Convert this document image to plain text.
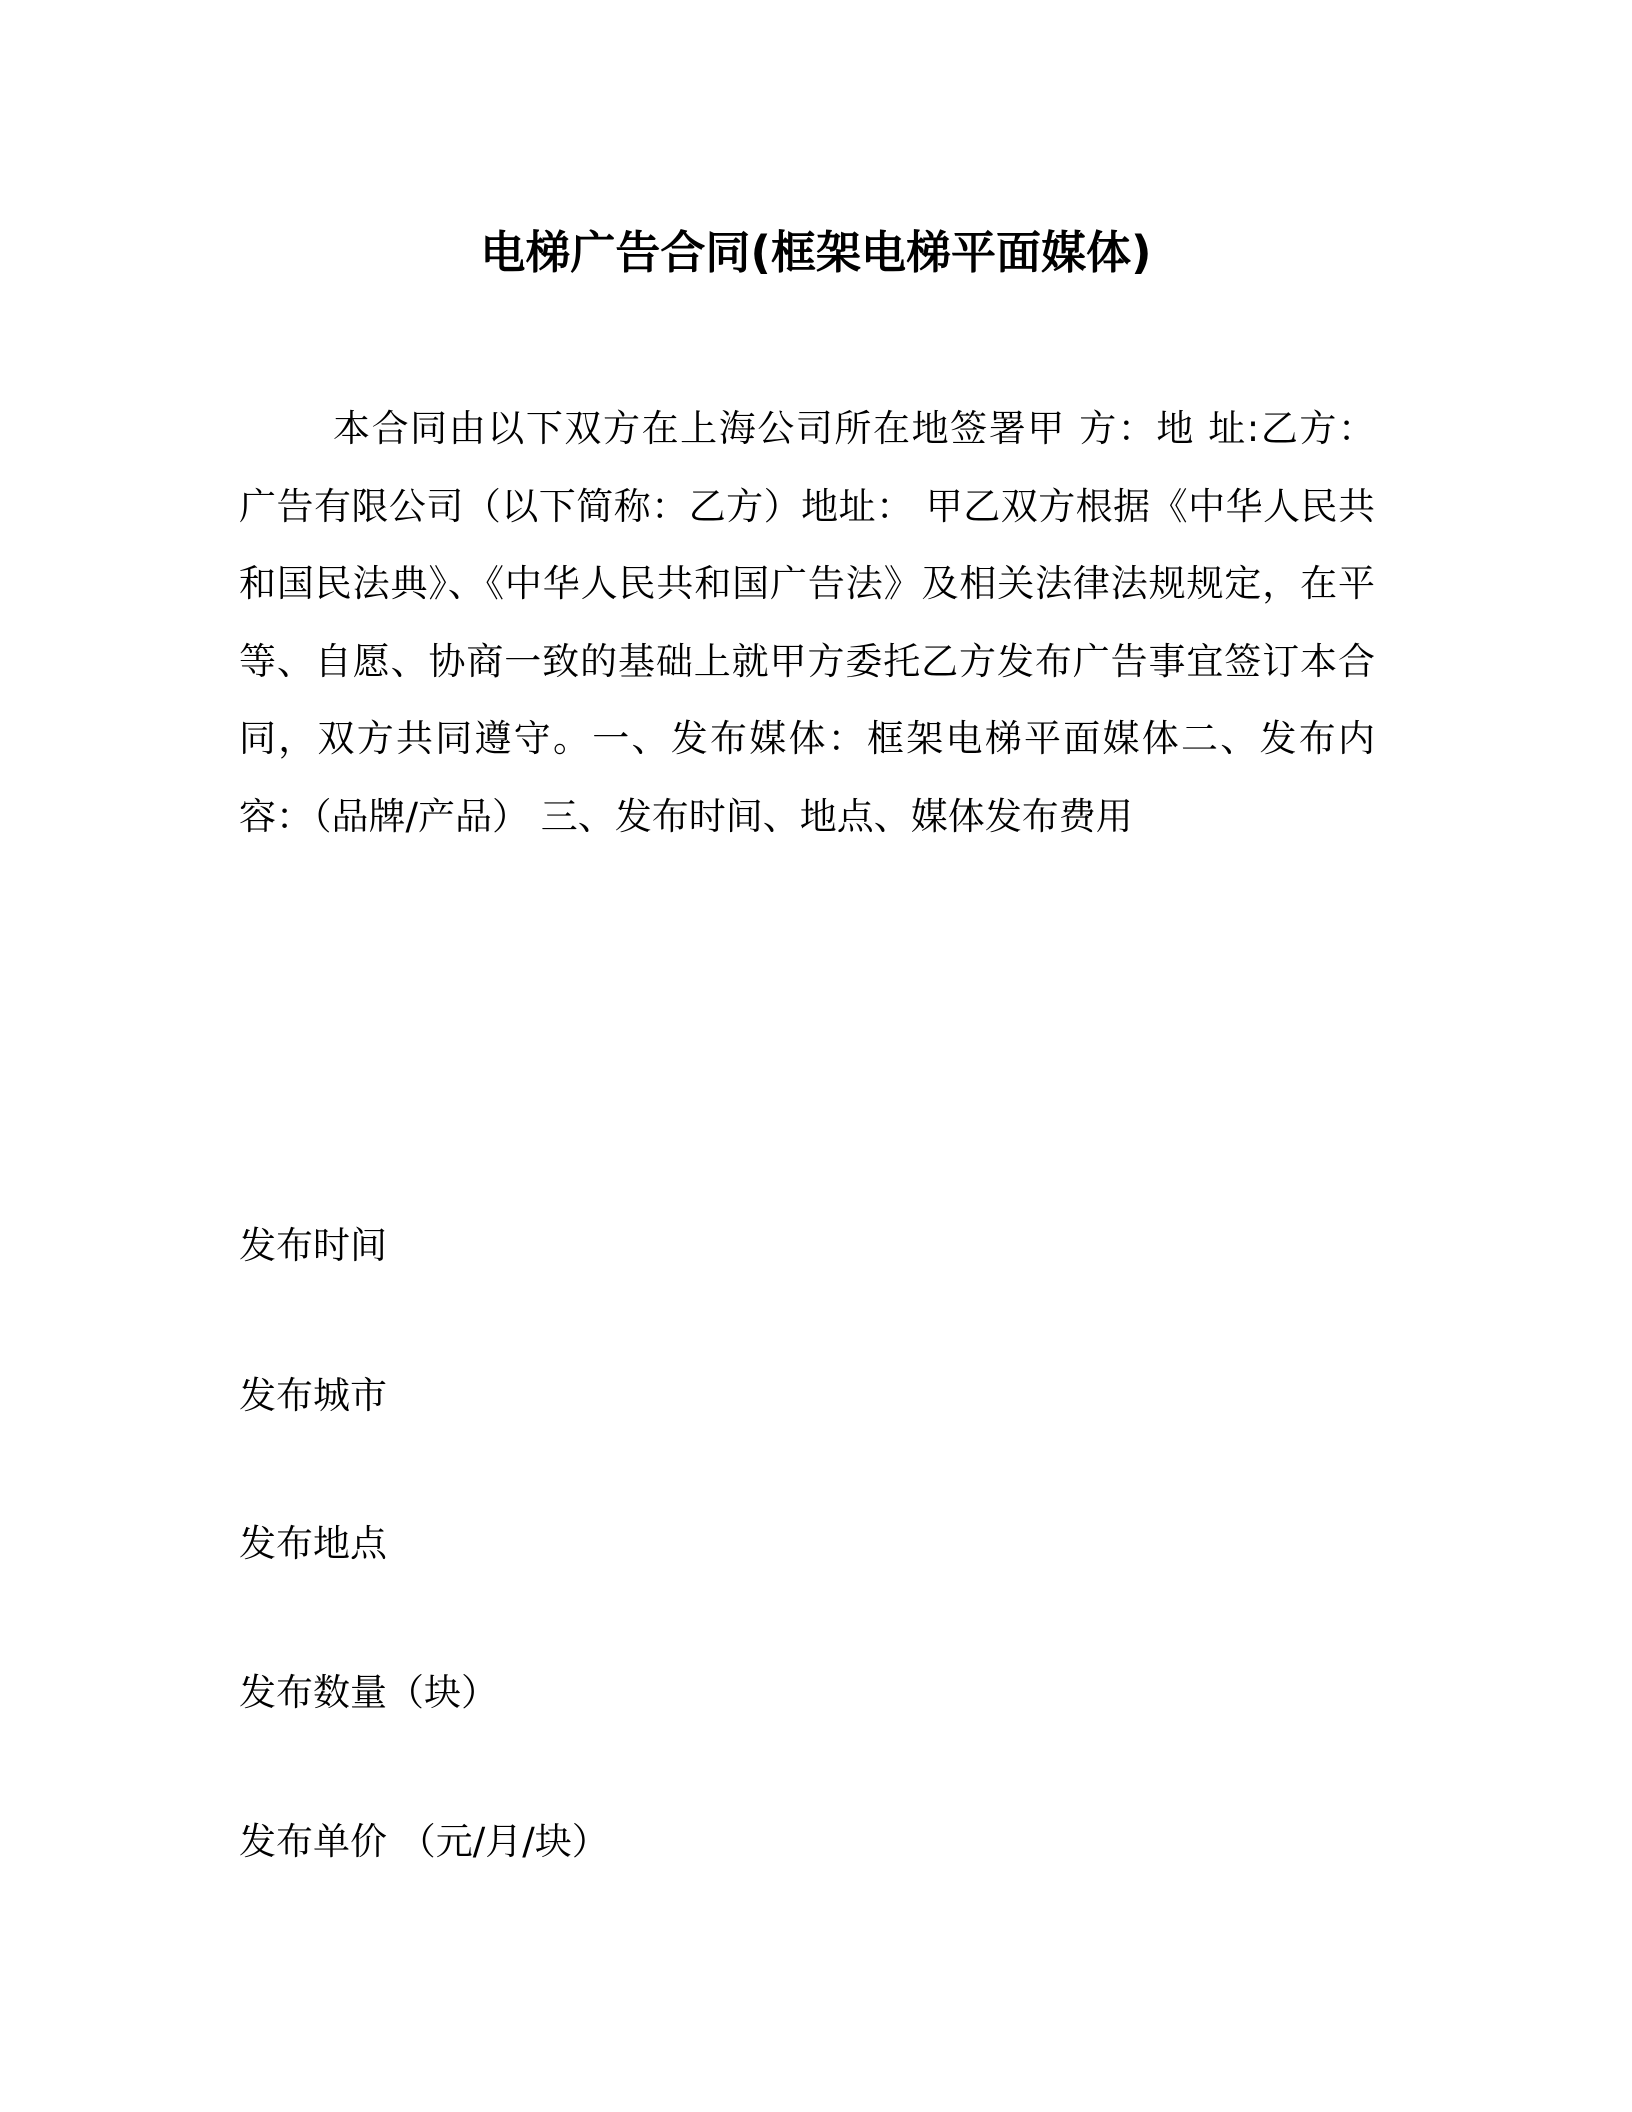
电梯广告合同(框架电梯平面媒体)
本合同由以下双方在上海公司所在地签署甲 方：地 址:乙方： 广告有限公司（以下简称：乙方）地址： 甲乙双方根据《中华人民共和国民法典》、《中华人民共和国广告法》及相关法律法规规定，在平等、自愿、协商一致的基础上就甲方委托乙方发布广告事宜签订本合同，双方共同遵守。一、发布媒体：框架电梯平面媒体二、发布内容：（品牌/产品） 三、发布时间、地点、媒体发布费用
发布时间
发布城市
发布地点
发布数量（块）
发布单价 （元/月/块）
